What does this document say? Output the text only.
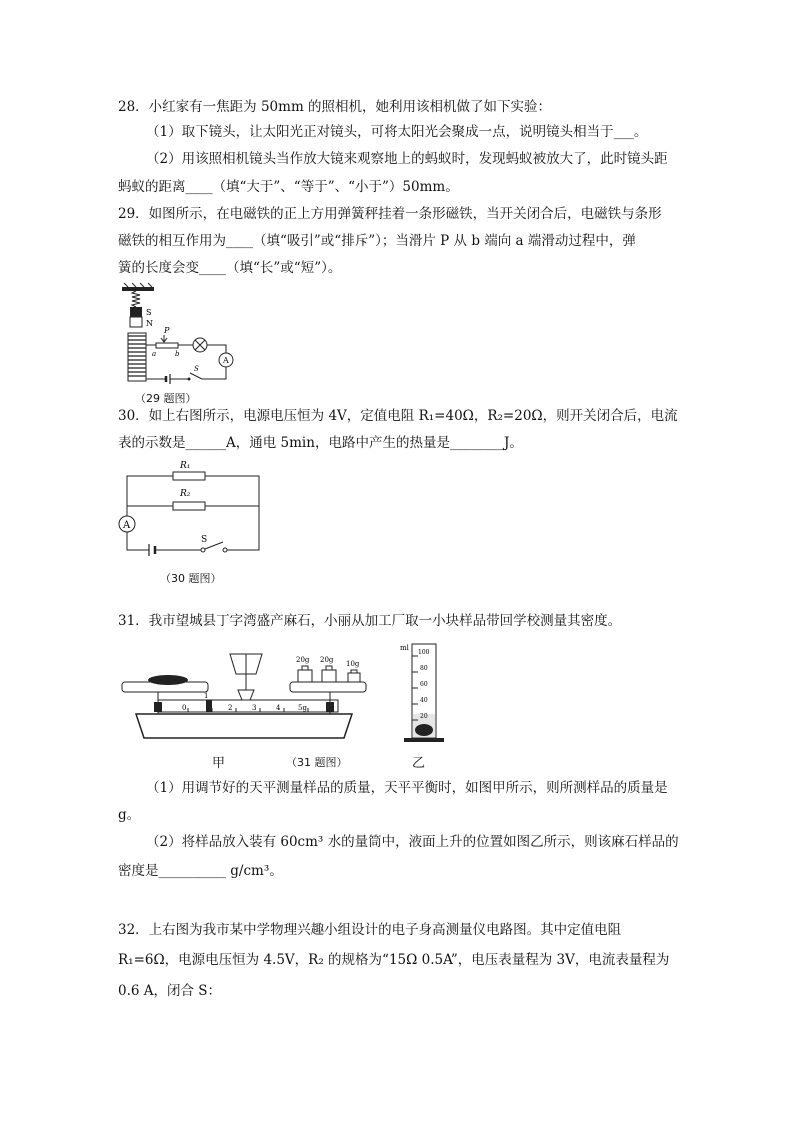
28．小红家有一焦距为 50mm 的照相机，她利用该相机做了如下实验：
（1）取下镜头，让太阳光正对镜头，可将太阳光会聚成一点，说明镜头相当于___。
（2）用该照相机镜头当作放大镜来观察地上的蚂蚁时，发现蚂蚁被放大了，此时镜头距
蚂蚁的距离____（填“大于”、“等于”、“小于”）50mm。
29．如图所示，在电磁铁的正上方用弹簧秤挂着一条形磁铁，当开关闭合后，电磁铁与条形
磁铁的相互作用为____（填“吸引”或“排斥”）；当滑片 P 从 b 端向 a 端滑动过程中，弹
簧的长度会变____（填“长”或“短”）。
S
N
P
a	b
A
S
（29 题图）
30．如上右图所示，电源电压恒为 4V，定值电阻 R₁=40Ω，R₂=20Ω，则开关闭合后，电流
表的示数是______A，通电 5min，电路中产生的热量是________J。
R₁
R₂
A
S
（30 题图）
31．我市望城县丁字湾盛产麻石，小丽从加工厂取一小块样品带回学校测量其密度。
20g 20g 10g
0
1
2	3	4	5g
ml
100
80
60
40
20
甲	（31 题图）	乙
（1）用调节好的天平测量样品的质量，天平平衡时，如图甲所示，则所测样品的质量是
g。
（2）将样品放入装有 60cm³ 水的量筒中，液面上升的位置如图乙所示，则该麻石样品的
密度是__________ g/cm³。
32．上右图为我市某中学物理兴趣小组设计的电子身高测量仪电路图。其中定值电阻
R₁=6Ω，电源电压恒为 4.5V，R₂ 的规格为“15Ω 0.5A”，电压表量程为 3V，电流表量程为
0.6 A，闭合 S：
